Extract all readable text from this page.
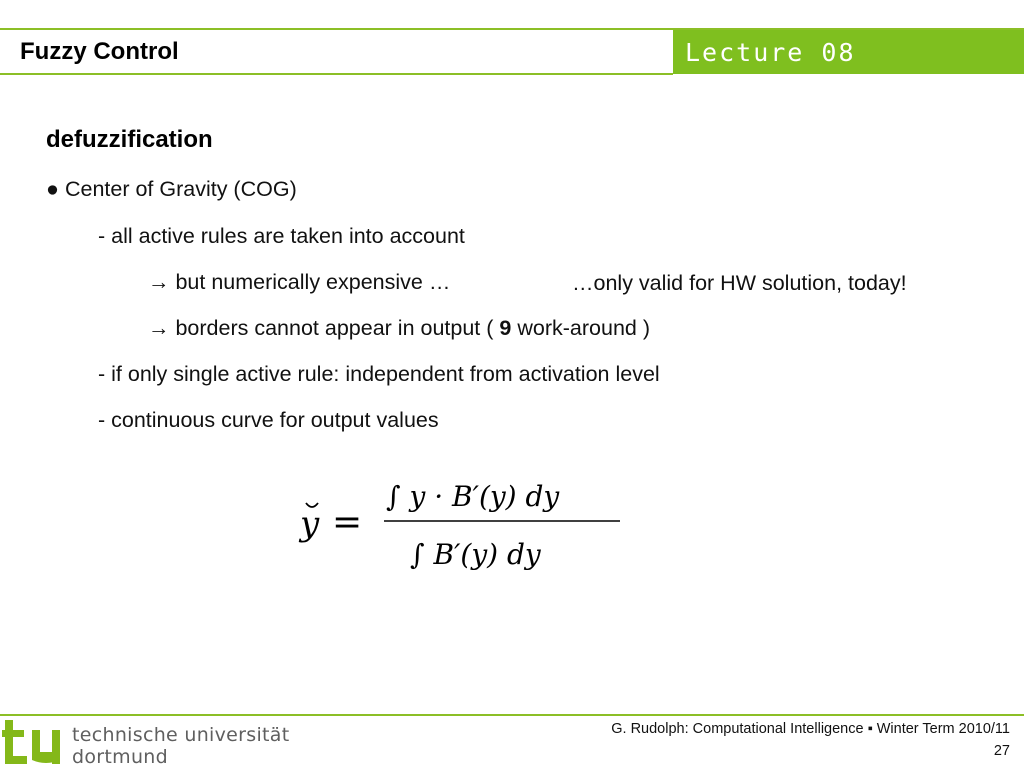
Fuzzy Control	Lecture 08
defuzzification
● Center of Gravity (COG)
- all active rules are taken into account
→ but numerically expensive …	…only valid for HW solution, today!
→ borders cannot appear in output ( 9 work-around )
- if only single active rule: independent from activation level
- continuous curve for output values
y =
∫ y · B′(y) dy
∫ B′(y) dy
technische universität
dortmund
G. Rudolph: Computational Intelligence ▪ Winter Term 2010/11
27
